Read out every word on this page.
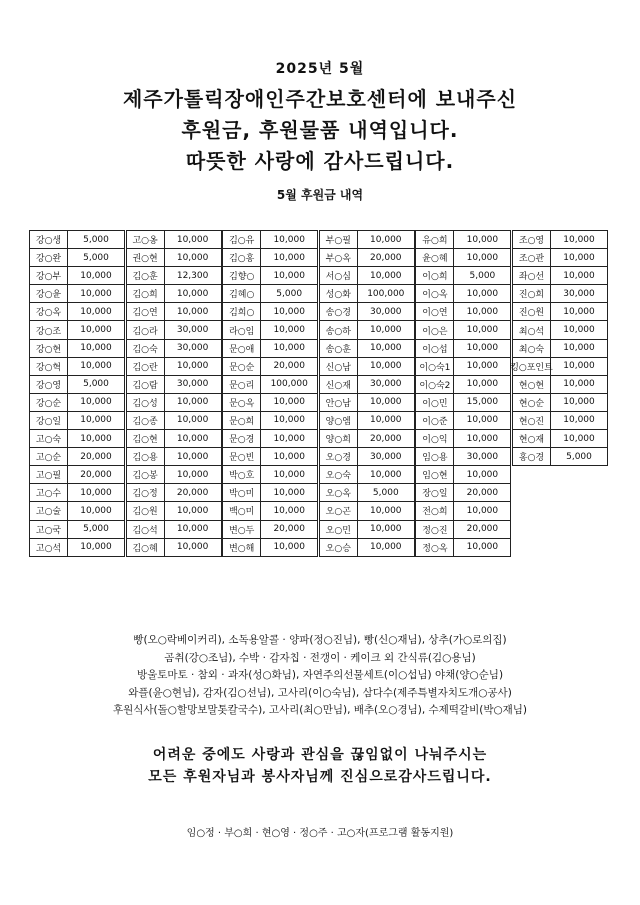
2025년 5월
제주가톨릭장애인주간보호센터에 보내주신
후원금, 후원물품 내역입니다.
따뜻한 사랑에 감사드립니다.
5월 후원금 내역
강○생	5,000
강○완	5,000
강○부	10,000
강○윤	10,000
강○옥	10,000
강○조	10,000
강○현	10,000
강○혁	10,000
강○영	5,000
강○순	10,000
강○일	10,000
고○숙	10,000
고○순	20,000
고○필	20,000
고○수	10,000
고○술	10,000
고○국	5,000
고○석	10,000
고○옹	10,000
권○현	10,000
김○훈	12,300
김○희	10,000
김○연	10,000
김○라	30,000
김○숙	30,000
김○란	10,000
김○람	30,000
김○성	10,000
김○종	10,000
김○현	10,000
김○용	10,000
김○봉	10,000
김○정	20,000
김○원	10,000
김○석	10,000
김○혜	10,000
김○유	10,000
김○홍	10,000
김향○	10,000
김혜○	5,000
김희○	10,000
라○임	10,000
문○애	10,000
문○순	20,000
문○리	100,000
문○옥	10,000
문○희	10,000
문○경	10,000
문○빈	10,000
박○호	10,000
박○미	10,000
백○미	10,000
변○두	20,000
변○해	10,000
부○필	10,000
부○옥	20,000
서○심	10,000
성○화	100,000
송○경	30,000
송○하	10,000
송○훈	10,000
신○남	10,000
신○재	30,000
안○남	10,000
양○엠	10,000
양○희	20,000
오○경	30,000
오○숙	10,000
오○옥	5,000
오○곤	10,000
오○민	10,000
오○승	10,000
유○희	10,000
윤○혜	10,000
이○희	5,000
이○옥	10,000
이○연	10,000
이○은	10,000
이○섭	10,000
이○숙1	10,000
이○숙2	10,000
이○민	15,000
이○준	10,000
이○익	10,000
임○용	30,000
임○현	10,000
장○일	20,000
전○희	10,000
정○진	20,000
정○옥	10,000
조○영	10,000
조○관	10,000
좌○선	10,000
진○희	30,000
진○원	10,000
최○석	10,000
최○숙	10,000
킹○포인트	10,000
현○현	10,000
현○순	10,000
현○진	10,000
현○재	10,000
홍○경	5,000
빵(오○락베이커리), 소독용알콜 · 양파(정○진님), 빵(신○재님), 상추(가○로의집)
곰취(강○조님), 수박 · 감자칩 · 전갱이 · 케이크 외 간식류(김○용님)
방울토마토 · 참외 · 과자(성○화님), 자연주의선물세트(이○섭님) 야채(양○순님)
와플(윤○현님), 감자(김○선님), 고사리(이○숙님), 삼다수(제주특별자치도개○공사)
후원식사(돌○할망보말톳칼국수), 고사리(최○만님), 배추(오○경님), 수제떡갈비(박○재님)
어려운 중에도 사랑과 관심을 끊임없이 나눠주시는
모든 후원자님과 봉사자님께 진심으로감사드립니다.
임○정 · 부○희 · 현○영 · 정○주 · 고○자(프로그램 활동지원)
